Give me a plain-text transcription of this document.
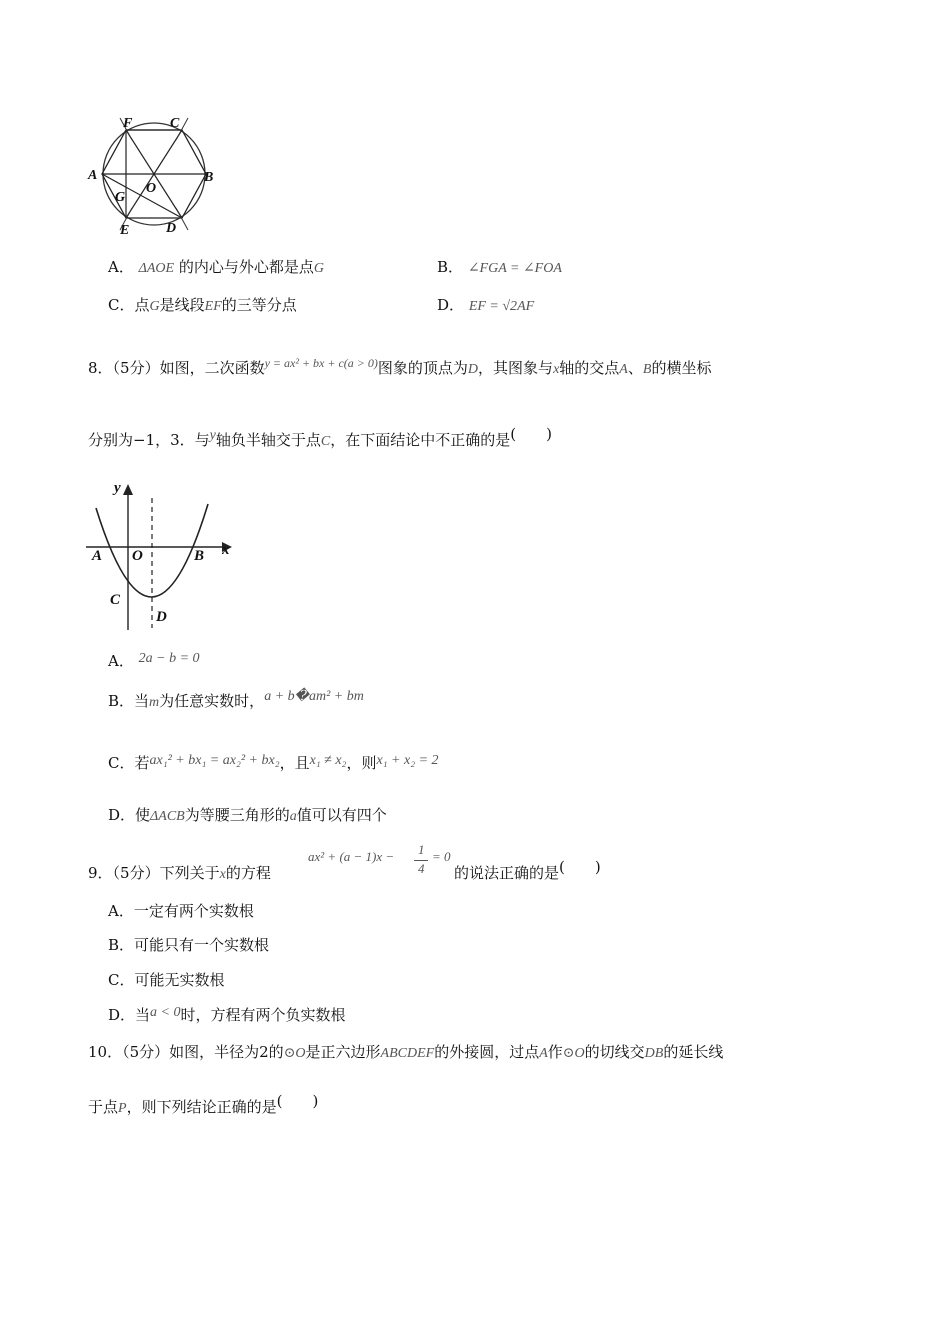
F	C
A	B
O
G
E	D
A． ΔAOE 的内心与外心都是点G	B． ∠FGA = ∠FOA
C．点G是线段EF的三等分点	D． EF = √2AF
8．（5分）如图，二次函数$^{y = ax^2 + bx + c(a > 0)}$图象的顶点为D，其图象与x轴的交点A、B的横坐标
分别为−1，3．与y轴负半轴交于点C，在下面结论中不正确的是(　　)
y
x
A O	B
C
D
A． 2a − b = 0
B．当m为任意实数时，a + b�am² + bm
C．若ax₁² + bx₁ = ax₂² + bx₂，且x₁ ≠ x₂，则x₁ + x₂ = 2
D．使ΔACB为等腰三角形的a值可以有四个
9．（5分）下列关于x的方程
ax² + (a − 1)x − 1
4
= 0
的说法正确的是(　　)
A．一定有两个实数根
B．可能只有一个实数根
C．可能无实数根
D．当a < 0时，方程有两个负实数根
10．（5分）如图，半径为2的⊙O是正六边形ABCDEF的外接圆，过点A作⊙O的切线交DB的延长线
于点P，则下列结论正确的是(　　)
